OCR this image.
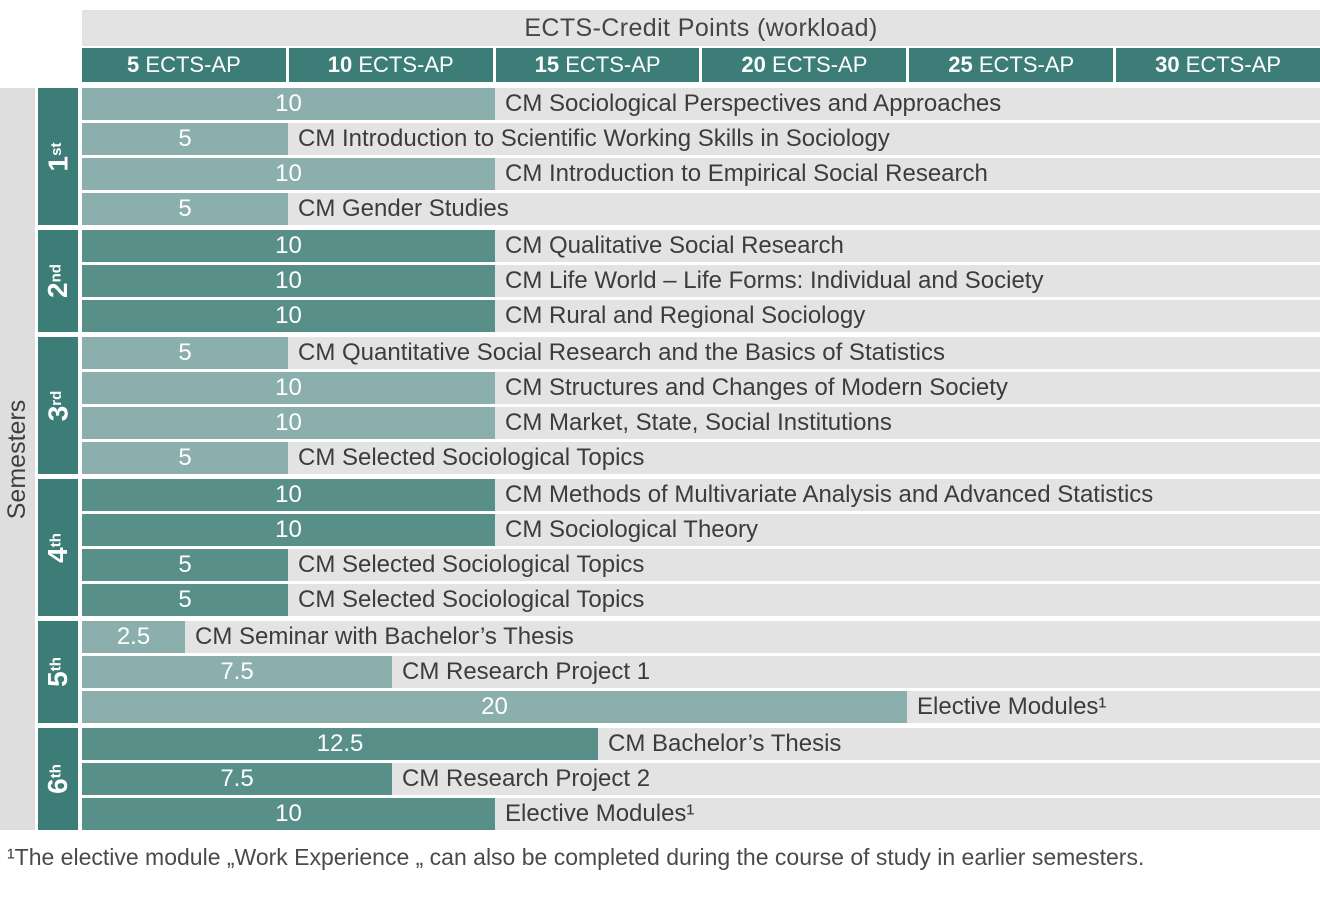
ECTS-Credit Points (workload)
5 ECTS-AP	10 ECTS-AP	15 ECTS-AP	20 ECTS-AP	25 ECTS-AP	30 ECTS-AP
Semesters
1st
10	CM Sociological Perspectives and Approaches
5	CM Introduction to Scientific Working Skills in Sociology
10	CM Introduction to Empirical Social Research
5	CM Gender Studies
2nd
10	CM Qualitative Social Research
10	CM Life World – Life Forms: Individual and Society
10	CM Rural and Regional Sociology
3rd
5	CM Quantitative Social Research and the Basics of Statistics
10	CM Structures and Changes of Modern Society
10	CM Market, State, Social Institutions
5	CM Selected Sociological Topics
4th
10	CM Methods of Multivariate Analysis and Advanced Statistics
10	CM Sociological Theory
5	CM Selected Sociological Topics
5	CM Selected Sociological Topics
5th
2.5 CM Seminar with Bachelor’s Thesis
7.5	CM Research Project 1
20	Elective Modules¹
6th
12.5	CM Bachelor’s Thesis
7.5	CM Research Project 2
10	Elective Modules¹
¹The elective module „Work Experience „ can also be completed during the course of study in earlier semesters.
